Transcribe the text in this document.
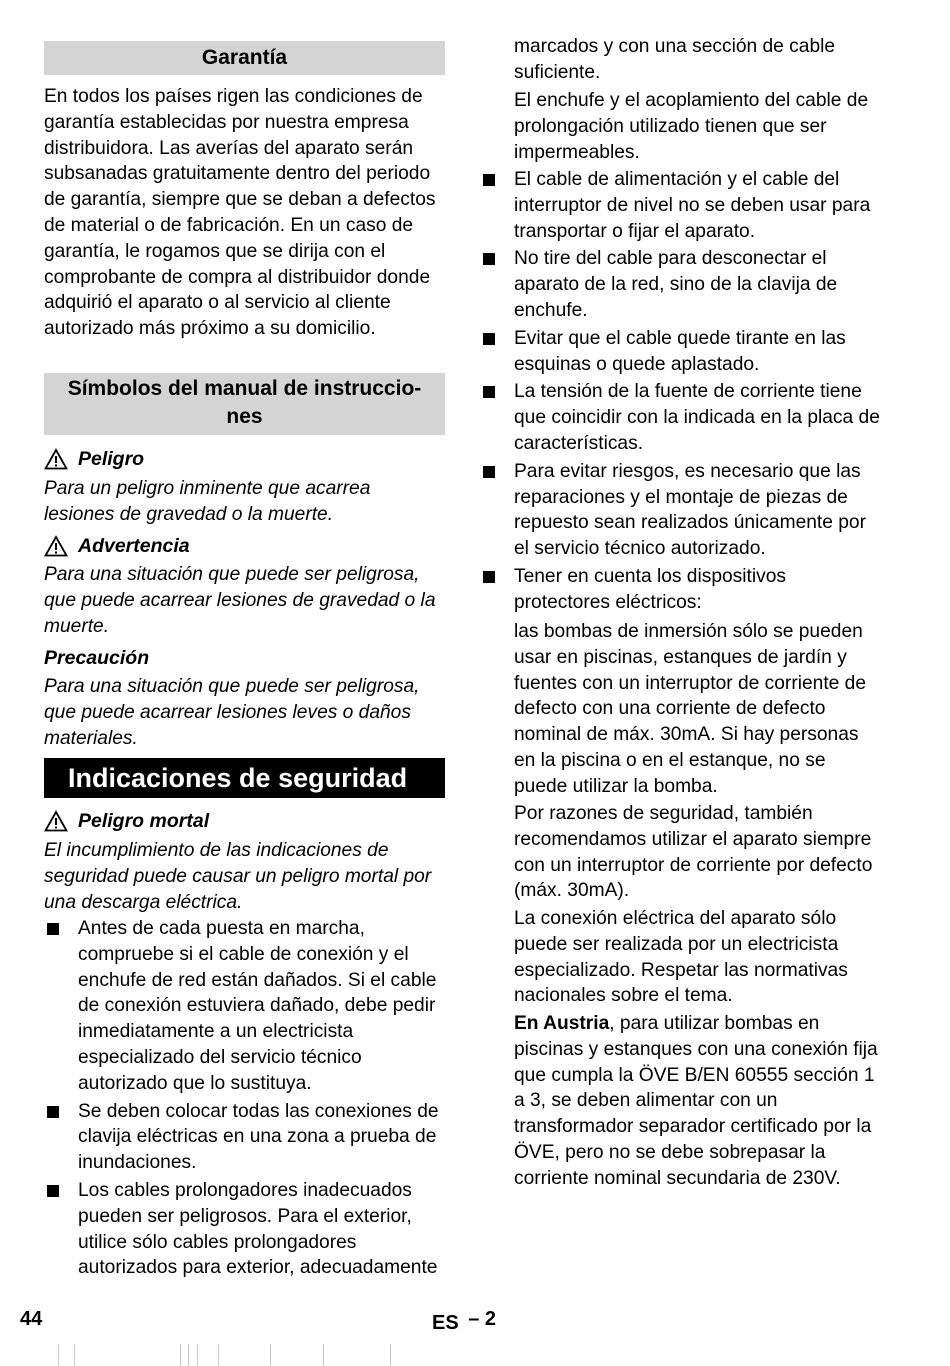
Garantía

En todos los países rigen las condiciones de garantía establecidas por nuestra empresa distribuidora. Las averías del aparato serán subsanadas gratuitamente dentro del periodo de garantía, siempre que se deban a defectos de material o de fabricación. En un caso de garantía, le rogamos que se dirija con el comprobante de compra al distribuidor donde adquirió el aparato o al servicio al cliente autorizado más próximo a su domicilio.

Símbolos del manual de instruccio-
nes
Peligro

Para un peligro inminente que acarrea lesiones de gravedad o la muerte.

Advertencia

Para una situación que puede ser peligrosa, que puede acarrear lesiones de gravedad o la muerte.

Precaución

Para una situación que puede ser peligrosa, que puede acarrear lesiones leves o daños materiales.

Indicaciones de seguridad
Peligro mortal

El incumplimiento de las indicaciones de seguridad puede causar un peligro mortal por una descarga eléctrica.

Antes de cada puesta en marcha, compruebe si el cable de conexión y el enchufe de red están dañados. Si el cable de conexión estuviera dañado, debe pedir inmediatamente a un electricista especializado del servicio técnico autorizado que lo sustituya.
Se deben colocar todas las conexiones de clavija eléctricas en una zona a prueba de inundaciones.
Los cables prolongadores inadecuados pueden ser peligrosos. Para el exterior, utilice sólo cables prolongadores autorizados para exterior, adecuadamente

marcados y con una sección de cable suficiente.

El enchufe y el acoplamiento del cable de prolongación utilizado tienen que ser impermeables.

El cable de alimentación y el cable del interruptor de nivel no se deben usar para transportar o fijar el aparato.
No tire del cable para desconectar el aparato de la red, sino de la clavija de enchufe.
Evitar que el cable quede tirante en las esquinas o quede aplastado.
La tensión de la fuente de corriente tiene que coincidir con la indicada en la placa de características.
Para evitar riesgos, es necesario que las reparaciones y el montaje de piezas de repuesto sean realizados únicamente por el servicio técnico autorizado.
Tener en cuenta los dispositivos protectores eléctricos:

las bombas de inmersión sólo se pueden usar en piscinas, estanques de jardín y fuentes con un interruptor de corriente de defecto con una corriente de defecto nominal de máx. 30mA. Si hay personas en la piscina o en el estanque, no se puede utilizar la bomba.

Por razones de seguridad, también recomendamos utilizar el aparato siempre con un interruptor de corriente por defecto (máx. 30mA).

La conexión eléctrica del aparato sólo puede ser realizada por un electricista especializado. Respetar las normativas nacionales sobre el tema.

En Austria, para utilizar bombas en piscinas y estanques con una conexión fija que cumpla la ÖVE B/EN 60555 sección 1 a 3, se deben alimentar con un transformador separador certificado por la ÖVE, pero no se debe sobrepasar la corriente nominal secundaria de 230V.

44	ES – 2
